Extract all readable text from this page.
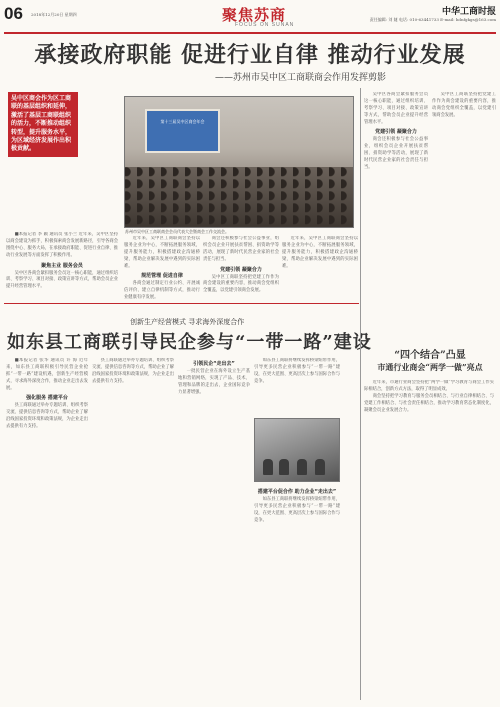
06 2018年12月20日 星期四	聚焦苏商
FOCUS ON SUNAN
中华工商时报
责任编辑: 刘 婕 电话: 010-63441733 E-mail: hdnfgkgs@163.com
承接政府职能 促进行业自律 推动行业发展
——苏州市吴中区工商联商会作用发挥剪影
吴中区商会作为区工商联的基层组织和延伸，激活了基层工商联组织的活力，不断推动组织转型，提升服务水平，为区域经济发展作出积极贡献。
第十三届吴中区商会年会
苏州市吴中区工商联商会会员代表大会暨商会工作交流会。

■本报记者 李 颖 通讯员 张小兰 近年来，吴中区坚持以商会建设为抓手，积极探索商会发展新路径，引导各商会围绕中心、服务大局，在承接政府职能、促进行业自律、推动行业发展等方面发挥了积极作用。

聚焦主业 服务会员

吴中区各商会紧扣服务会员这一核心职能，通过组织培训、考察学习、项目对接、政策宣讲等方式，帮助会员企业提升经营管理水平。

近年来，吴中区工商联商会坚持以服务企业为中心，不断拓展服务领域，提升服务能力，积极搭建政企沟通桥梁，帮助企业解决发展中遇到的实际困难。

规范管理 促进自律

各商会通过制定行业公约、开展诚信评价、建立自律机制等方式，推动行业健康有序发展。

商会还积极参与社会公益事业，组织会员企业开展扶贫帮困、捐资助学等活动，展现了新时代民营企业家的社会责任与担当。

党建引领 凝聚合力

吴中区工商联坚持把党建工作作为商会建设的重要内容，推动商会党组织全覆盖，以党建引领商会发展。

近年来，吴中区工商联商会坚持以服务企业为中心，不断拓展服务领域，提升服务能力，积极搭建政企沟通桥梁，帮助企业解决发展中遇到的实际困难。

吴中区各商会紧扣服务会员这一核心职能，通过组织培训、考察学习、项目对接、政策宣讲等方式，帮助会员企业提升经营管理水平。

党建引领 凝聚合力

商会还积极参与社会公益事业，组织会员企业开展扶贫帮困、捐资助学等活动，展现了新时代民营企业家的社会责任与担当。

吴中区工商联坚持把党建工作作为商会建设的重要内容，推动商会党组织全覆盖，以党建引领商会发展。

创新生产经营模式 寻求海外深度合作
如东县工商联引导民企参与“一带一路”建设

■本报记者 张华 通讯员 许 海 近年来，如东县工商联积极引导民营企业抢抓“一带一路”建设机遇，创新生产经营模式，寻求海外深度合作，推动企业走出去发展。

强化服务 搭建平台

县工商联通过举办专题培训、组织考察交流、提供信息咨询等方式，帮助企业了解沿线国家投资环境和政策法规，为企业走出去提供有力支持。

县工商联通过举办专题培训、组织考察交流、提供信息咨询等方式，帮助企业了解沿线国家投资环境和政策法规，为企业走出去提供有力支持。

引领民企“走出去”

一批民营企业在海外设立生产基地和营销网络，实现了产品、技术、管理和品牌的走出去，企业国际竞争力显著增强。

如东县工商联将继续发挥桥梁纽带作用，引导更多民营企业积极参与“一带一路”建设，在更大范围、更高层次上参与国际合作与竞争。

搭建平台促合作 助力企业“走出去”

如东县工商联将继续发挥桥梁纽带作用，引导更多民营企业积极参与“一带一路”建设，在更大范围、更高层次上参与国际合作与竞争。

“四个结合”凸显
市通行业商会“两学一做”亮点

近年来，市通行业商会坚持把“两学一做”学习教育与商会工作实际相结合，创新方式方法，取得了明显成效。

商会坚持把学习教育与服务会员相结合、与行业自律相结合、与党建工作相结合、与社会责任相结合，推动学习教育常态化制度化，凝聚会员企业发展合力。
